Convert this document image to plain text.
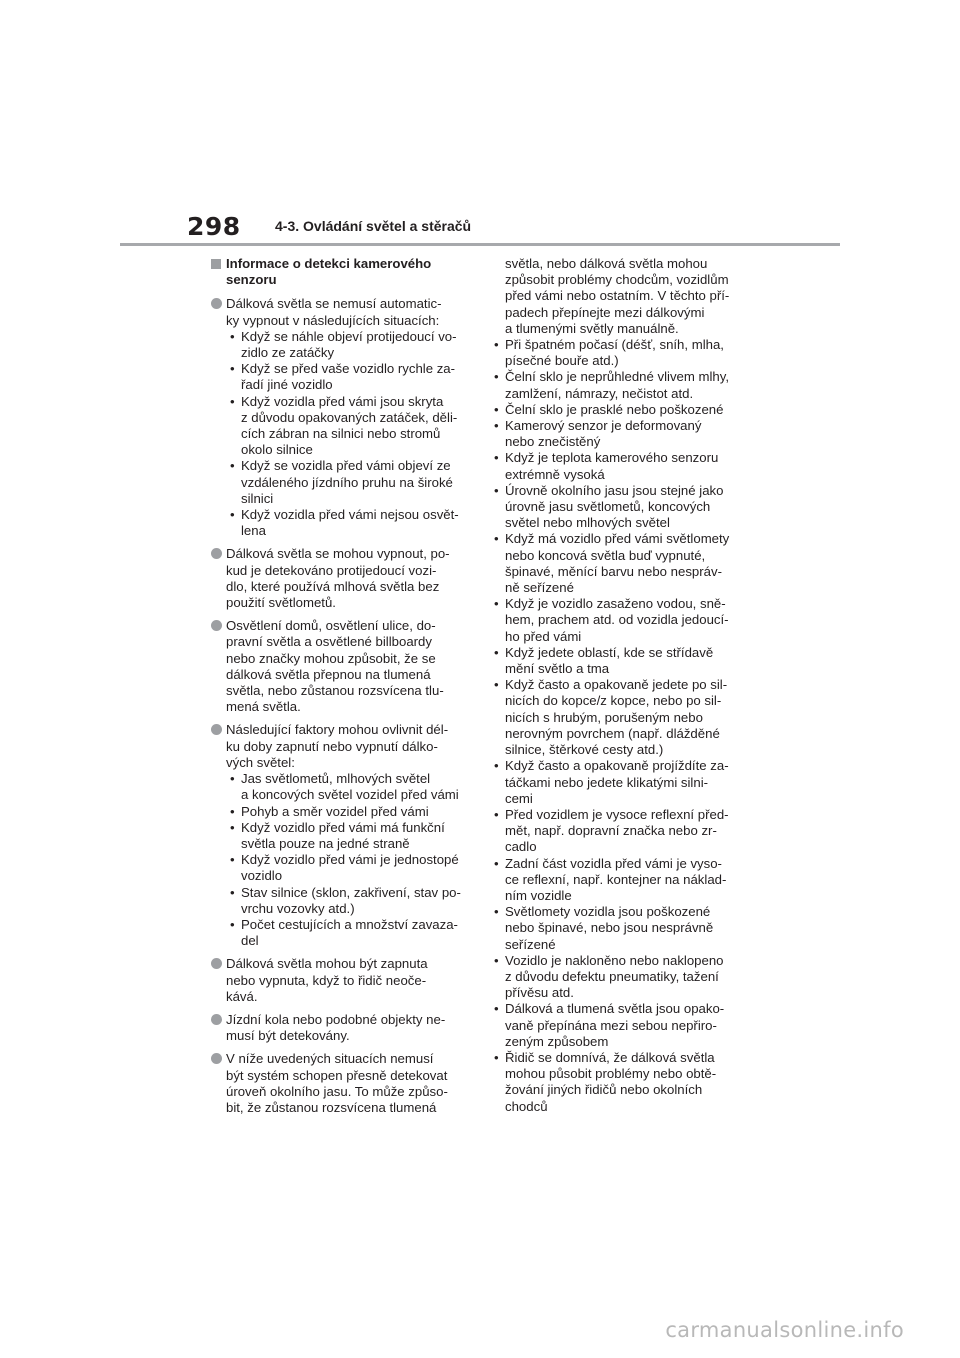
298 4-3. Ovládání světel a stěračů
Informace o detekci kamerového
senzoru
Dálková světla se nemusí automatic-
ky vypnout v následujících situacích:
• Když se náhle objeví protijedoucí vo-
zidlo ze zatáčky
• Když se před vaše vozidlo rychle za-
řadí jiné vozidlo
• Když vozidla před vámi jsou skryta
z důvodu opakovaných zatáček, děli-
cích zábran na silnici nebo stromů
okolo silnice
• Když se vozidla před vámi objeví ze
vzdáleného jízdního pruhu na široké
silnici
• Když vozidla před vámi nejsou osvět-
lena
Dálková světla se mohou vypnout, po-
kud je detekováno protijedoucí vozi-
dlo, které používá mlhová světla bez
použití světlometů.
Osvětlení domů, osvětlení ulice, do-
pravní světla a osvětlené billboardy
nebo značky mohou způsobit, že se
dálková světla přepnou na tlumená
světla, nebo zůstanou rozsvícena tlu-
mená světla.
Následující faktory mohou ovlivnit dél-
ku doby zapnutí nebo vypnutí dálko-
vých světel:
• Jas světlometů, mlhových světel
a koncových světel vozidel před vámi
• Pohyb a směr vozidel před vámi
• Když vozidlo před vámi má funkční
světla pouze na jedné straně
• Když vozidlo před vámi je jednostopé
vozidlo
• Stav silnice (sklon, zakřivení, stav po-
vrchu vozovky atd.)
• Počet cestujících a množství zavaza-
del
Dálková světla mohou být zapnuta
nebo vypnuta, když to řidič neoče-
kává.
Jízdní kola nebo podobné objekty ne-
musí být detekovány.
V níže uvedených situacích nemusí
být systém schopen přesně detekovat
úroveň okolního jasu. To může způso-
bit, že zůstanou rozsvícena tlumená
světla, nebo dálková světla mohou
způsobit problémy chodcům, vozidlům
před vámi nebo ostatním. V těchto pří-
padech přepínejte mezi dálkovými
a tlumenými světly manuálně.
• Při špatném počasí (déšť, sníh, mlha,
písečné bouře atd.)
• Čelní sklo je neprůhledné vlivem mlhy,
zamlžení, námrazy, nečistot atd.
• Čelní sklo je prasklé nebo poškozené
• Kamerový senzor je deformovaný
nebo znečistěný
• Když je teplota kamerového senzoru
extrémně vysoká
• Úrovně okolního jasu jsou stejné jako
úrovně jasu světlometů, koncových
světel nebo mlhových světel
• Když má vozidlo před vámi světlomety
nebo koncová světla buď vypnuté,
špinavé, měnící barvu nebo nespráv-
ně seřízené
• Když je vozidlo zasaženo vodou, sně-
hem, prachem atd. od vozidla jedoucí-
ho před vámi
• Když jedete oblastí, kde se střídavě
mění světlo a tma
• Když často a opakovaně jedete po sil-
nicích do kopce/z kopce, nebo po sil-
nicích s hrubým, porušeným nebo
nerovným povrchem (např. dlážděné
silnice, štěrkové cesty atd.)
• Když často a opakovaně projíždíte za-
táčkami nebo jedete klikatými silni-
cemi
• Před vozidlem je vysoce reflexní před-
mět, např. dopravní značka nebo zr-
cadlo
• Zadní část vozidla před vámi je vyso-
ce reflexní, např. kontejner na náklad-
ním vozidle
• Světlomety vozidla jsou poškozené
nebo špinavé, nebo jsou nesprávně
seřízené
• Vozidlo je nakloněno nebo naklopeno
z důvodu defektu pneumatiky, tažení
přívěsu atd.
• Dálková a tlumená světla jsou opako-
vaně přepínána mezi sebou nepřiro-
zeným způsobem
• Řidič se domnívá, že dálková světla
mohou působit problémy nebo obtě-
žování jiných řidičů nebo okolních
chodců
carmanualsonline.info
